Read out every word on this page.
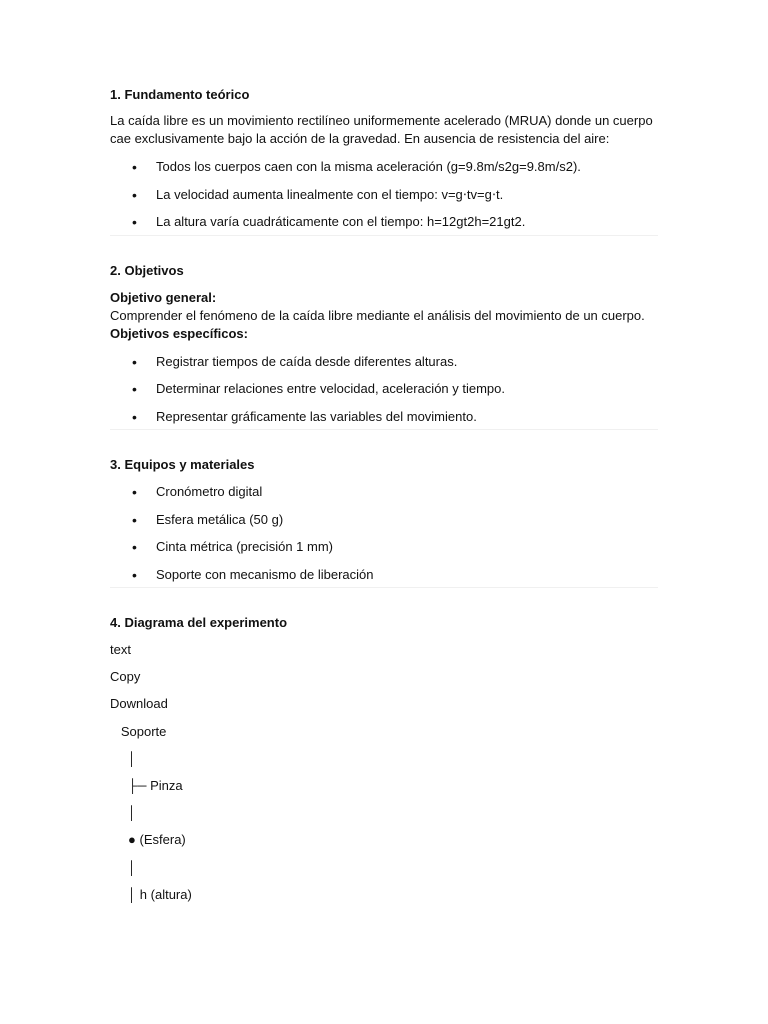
1. Fundamento teórico

La caída libre es un movimiento rectilíneo uniformemente acelerado (MRUA) donde un cuerpo cae exclusivamente bajo la acción de la gravedad. En ausencia de resistencia del aire:

• Todos los cuerpos caen con la misma aceleración (g=9.8m/s2g=9.8m/s2).
• La velocidad aumenta linealmente con el tiempo: v=g⋅tv=g⋅t.
• La altura varía cuadráticamente con el tiempo: h=12gt2h=21gt2.
2. Objetivos

Objetivo general:

Comprender el fenómeno de la caída libre mediante el análisis del movimiento de un cuerpo.

Objetivos específicos:

• Registrar tiempos de caída desde diferentes alturas.
• Determinar relaciones entre velocidad, aceleración y tiempo.
• Representar gráficamente las variables del movimiento.
3. Equipos y materiales
• Cronómetro digital
• Esfera metálica (50 g)
• Cinta métrica (precisión 1 mm)
• Soporte con mecanismo de liberación
4. Diagrama del experimento
text
Copy
Download
Soporte
│
├─ Pinza
│
● (Esfera)
│
│ h (altura)
